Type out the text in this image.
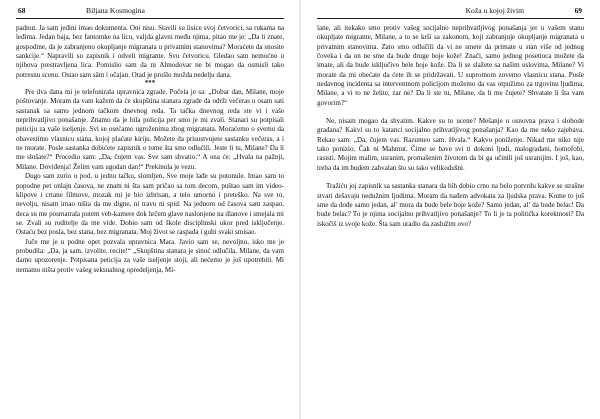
68	Biljana Kosmogina

padnut. Ja sam jedini imao dokumenta. Oni nisu. Stavili su lisice svoj četvorici, sa rukama na leđima. Jedan baja, bez fantomke na licu, valjda glavni među njima, pitao me je: „Da li znate, gospodine, da je zabranjeno okupljanje migranata u privatnim stanovima? Moraćete da snosite sankcije.“ Napravili su zapisnik i odveli migrante. Svu četvoricu. Gledao sam nemoćno u njihova prestravljena lica. Pomislio sam da ni Almodovar ne bi mogao da osmisli tako potresnu scenu. Ostao sam sâm i očajan. Otad je prošlo možda nedelju dana.

***

Pre dva dana mi je telefonirala upravnica zgrade. Počela je sa: „Dobar dan, Milane, moje poštovanje. Moram da vam kažem da će skupština stanara zgrade da održi večeras u osam sati sastanak sa samo jednom tačkom dnevnog reda. Ta tačka dnevnog reda ste vi i vaše neprihvatljivo ponašanje. Znamo da je bila policija per smo je mi zvali. Stanari su potpisali peticiju za vaše iseljenje. Svi se osećamo ugroženima zbog migranata. Moraćemo o svemu da obavestimo vlasnicu stana, kojoj plaćate kiriju. Možete da prisustvujete sastanku večeras, a i ne morate. Posle sastanka dobićete zapisnik o tome šta smo odlučili. Jeste li tu, Milane? Da li me slušate?“ Procedio sam: „Da, čujem vas. Sve sam shvatio.“ A ona će: „Hvala na pažnji, Milane. Doviđenja! Želim vam ugodan dan!“ Prekinula je vezu.

Dugo sam zurio u pod, u jednu tačku, slomljen. Sve moje lađe su potonule. Imao sam to popodne pet onlajn časova, ne znam ni šta sam pričao sa tom decom, puštao sam im video-klipove i crtane filmove, mozak mi je bio izbrisan, a telo umorno i preteško. Na sve to, nevolju, nisam imao ništa da me digne, ni travu ni spid. Na jednom od časova sam zaspao, deca su me posmatrala putem veb-kamere dok hrčem glave naslonjene na dlanove i smejala mi se. Zvali su roditelje da me vide. Dobio sam od škole disciplinski ukor pred isključenje. Ostaću bez posla, bez stana, bez migranata. Moj život se raspada i gubi svaki smisao.

Juče me je u podne opet pozvala upravnica Mara. Javio sam se, nevoljno, isko me je probudila: „Da, ja sam, izvolite, recite!“ „Skupština stanara je sinoć odlučila, Milane, da vam damo upozorenje. Potpisana peticija za vaše iseljenje stoji, ali nećemo je još upotrebiti. Mi nemamo ništa protiv vašeg seksualnog opredeljenja, Mi-

Koža u kojoj živim	69

lane, ali itekako smo protiv vašeg socijalno neprihvatljivog ponašanja jer u vašem stanu okupljate migrante, Milane, a to se krši sa zakonom, koji zabranjuje okupljanje migranata u privatnim stanovima. Zato smo odlučili da vi ne smete da primate u stan više od jednog čoveka i da on ne sme da bude druge boje kože! Znači, samo jednog posetioca možete da imate, ali da bude isključivo bele boje kože. Da li se slažete sa našim uslovima, Milane? Vi morate da mi obećate da ćete ih se pridržavati. U suprotnom zovemo vlasnicu stana. Posle nedavnog incidenta sa interventnom policijom možemo da vas otpužimo za trgovinu ljudima, Milane, a vi to ne želite, zar ne? Da li ste tu, Milane, da li me čujete? Shvatate li šta vam govorim?“

Ne, nisam mogao da shvatim. Kakve su to ucene? Mešanje u osnovna prava i slobode građana? Kakvi su to katanci socijalno prihvatljivog ponašanja? Kao da me neko zajebava. Rekao sam: „Da, čujem vas. Razumeo sam. Hvala.“ Kakvo poniženje. Nikad me niko nije tako ponizio. Čak ni Mahmut. Čime se bave svi ti dokoni ljudi, malograđani, homofobi, rasisti. Mojim malim, usranim, promašenim životom da bi ga učinili još usranijim. I još, kao, treba da im budem zahvalan što su tako velikodušni.

Tražiću joj zapisnik sa sastanka stanara da bih dobio crno na belo potvrdu kakve se strašne stvari dešavaju nedužnim ljudima. Moram da nađem advokata za ljudska prava. Kome to još sme da dođe samo jedan, al’ mora da bude bele boje kože? Samo jedan, al’ da bude belac! Da bude belac? To je njima socijalno prihvatljivo ponašanje? To li je ta politička korektnost? Da iskočiš iz svoje kože. Šta sam uradio da zaslužim ovo?
